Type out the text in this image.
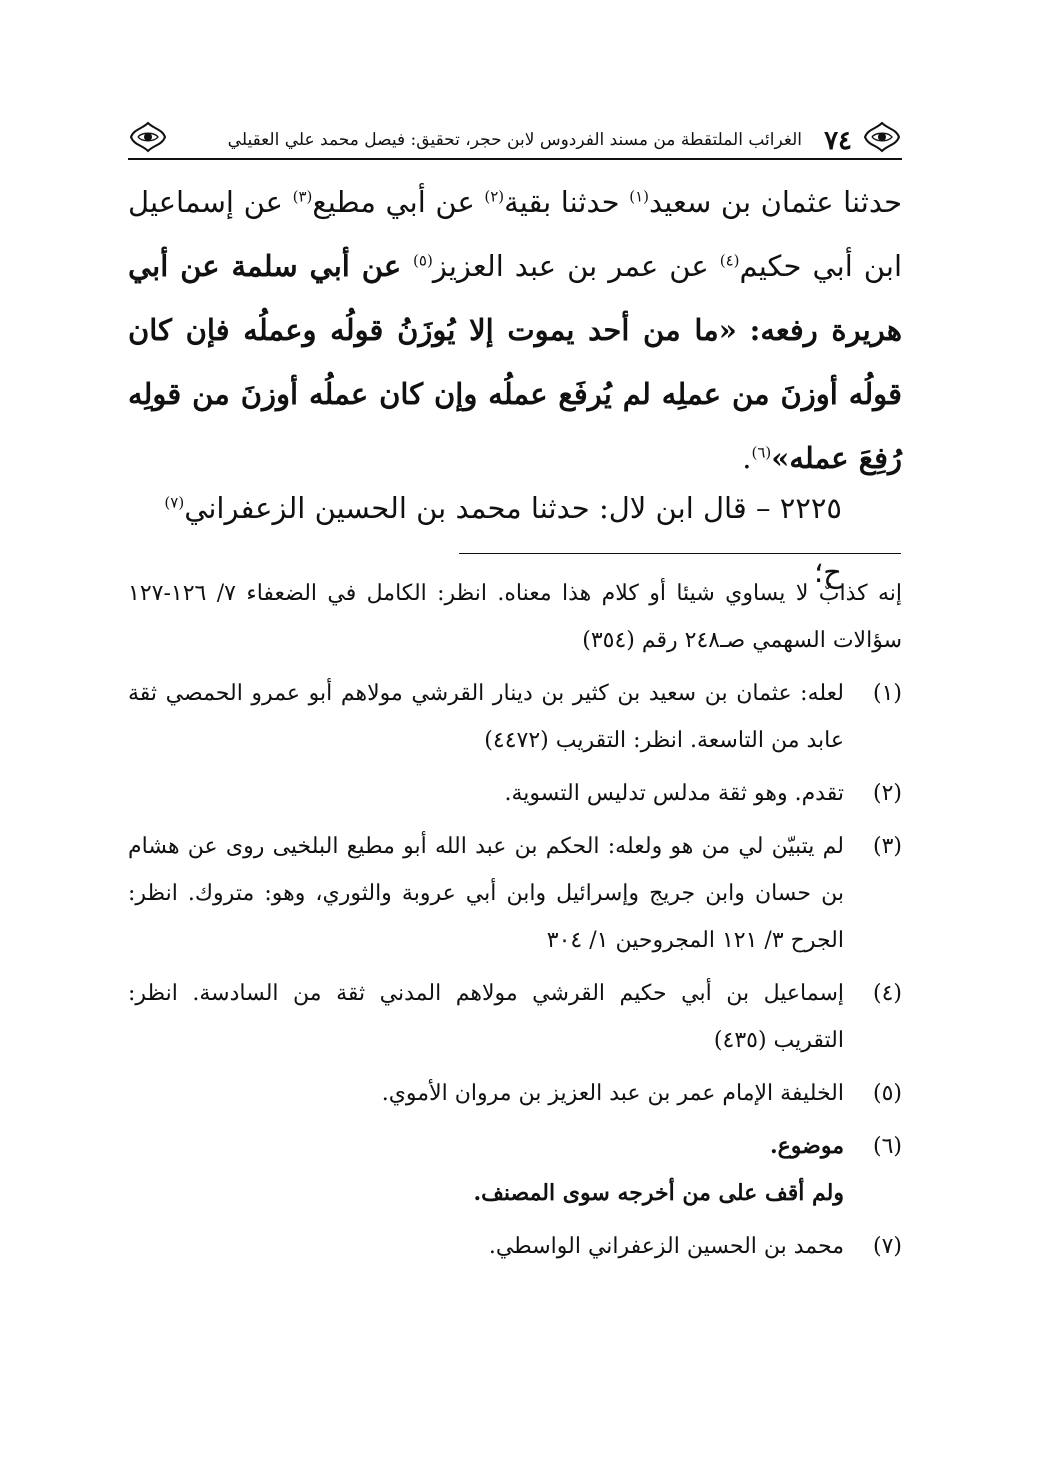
٧٤
الغرائب الملتقطة من مسند الفردوس لابن حجر، تحقيق: فيصل محمد علي العقيلي

حدثنا عثمان بن سعيد$^{(١)}$ حدثنا بقية$^{(٢)}$ عن أبي مطيع$^{(٣)}$ عن إسماعيل ابن أبي حكيم$^{(٤)}$ عن عمر بن عبد العزيز$^{(٥)}$ عن أبي سلمة عن أبي هريرة رفعه: «ما من أحد يموت إلا يُوزَنُ قولُه وعملُه فإن كان قولُه أوزنَ من عملِه لم يُرفَع عملُه وإن كان عملُه أوزنَ من قولِه رُفِعَ عمله»$^{(٦)}$.

٢٢٢٥ – قال ابن لال: حدثنا محمد بن الحسين الزعفراني$^{(٧)}$ ح؛

إنه كذابٌ لا يساوي شيئا أو كلام هذا معناه. انظر: الكامل في الضعفاء ٧/ ١٢٦-١٢٧ سؤالات السهمي صـ٢٤٨ رقم (٣٥٤)

(١)
لعله: عثمان بن سعيد بن كثير بن دينار القرشي مولاهم أبو عمرو الحمصي ثقة عابد من التاسعة. انظر: التقريب (٤٤٧٢)
(٢)
تقدم. وهو ثقة مدلس تدليس التسوية.
(٣)
لم يتبيّن لي من هو ولعله: الحكم بن عبد الله أبو مطيع البلخيى روى عن هشام بن حسان وابن جريج وإسرائيل وابن أبي عروبة والثوري، وهو: متروك. انظر: الجرح ٣/ ١٢١ المجروحين ١/ ٣٠٤
(٤)
إسماعيل بن أبي حكيم القرشي مولاهم المدني ثقة من السادسة. انظر: التقريب (٤٣٥)
(٥)
الخليفة الإمام عمر بن عبد العزيز بن مروان الأموي.
(٦)
موضوع.
ولم أقف على من أخرجه سوى المصنف.
(٧)
محمد بن الحسين الزعفراني الواسطي.
